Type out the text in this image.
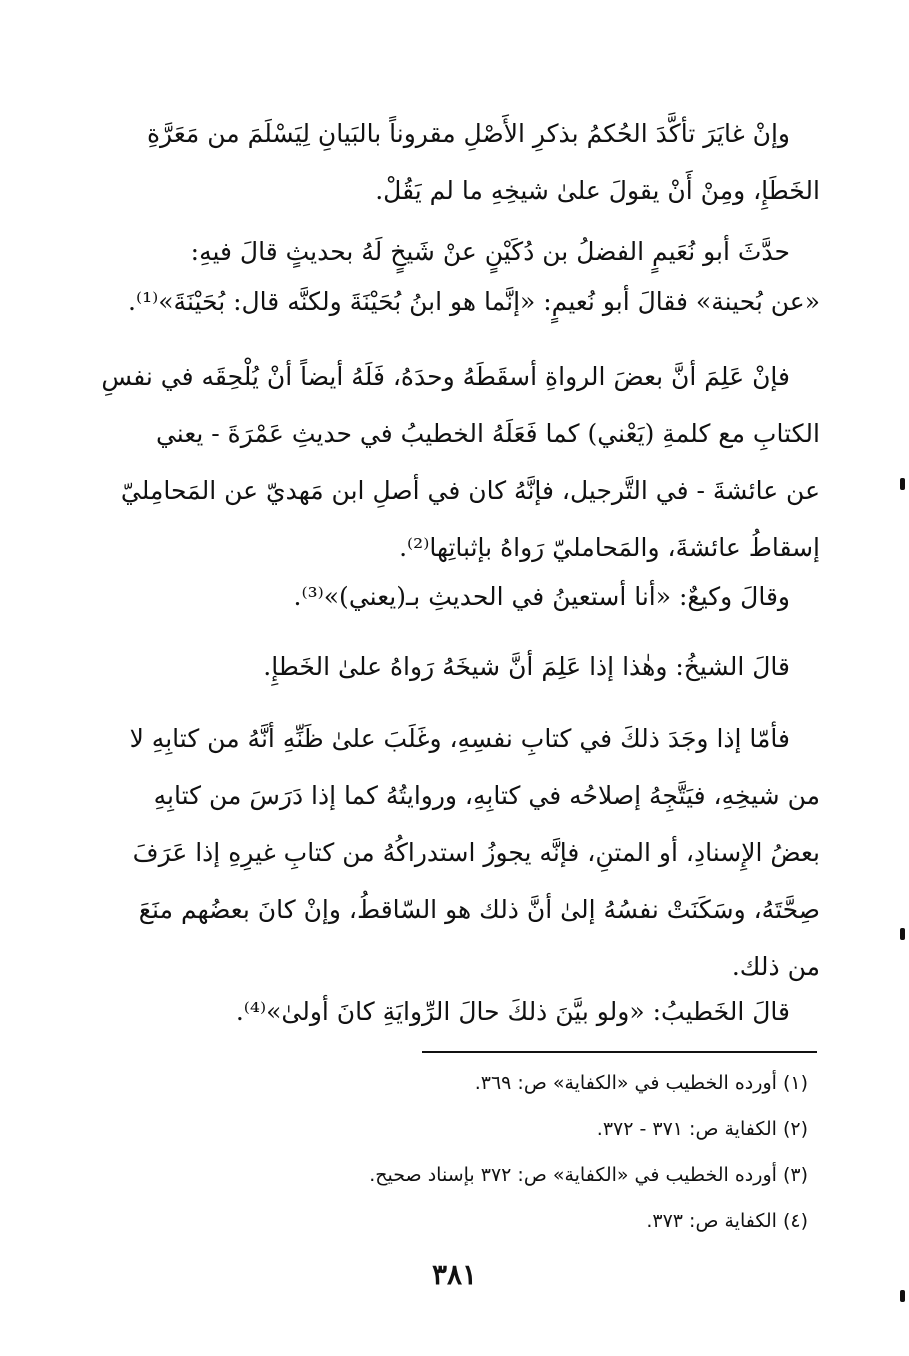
وإنْ غايَرَ تأكَّدَ الحُكمُ بذكرِ الأَصْلِ مقروناً بالبَيانِ لِيَسْلَمَ من مَعَرَّةِ
الخَطَإِ، ومِنْ أَنْ يقولَ علىٰ شيخِهِ ما لم يَقُلْ.
حدَّثَ أبو نُعَيمٍ الفضلُ بن دُكَيْنٍ عنْ شَيخٍ لَهُ بحديثٍ قالَ فيهِ:
«عن بُحينة» فقالَ أبو نُعيمٍ: «إنَّما هو ابنُ بُحَيْنَةَ ولكنَّه قال: بُحَيْنَةَ»⁽¹⁾.
فإنْ عَلِمَ أنَّ بعضَ الرواةِ أسقَطَهُ وحدَهُ، فَلَهُ أيضاً أنْ يُلْحِقَه في نفسِ
الكتابِ مع كلمةِ (يَعْني) كما فَعَلَهُ الخطيبُ في حديثِ عَمْرَةَ - يعني
عن عائشةَ - في التَّرجيل، فإنَّهُ كان في أصلِ ابن مَهديّ عن المَحامِليّ
إسقاطُ عائشةَ، والمَحامليّ رَواهُ بإثباتِها⁽²⁾.
وقالَ وكيعٌ: «أنا أستعينُ في الحديثِ بـ(يعني)»⁽³⁾.
قالَ الشيخُ: وهٰذا إذا عَلِمَ أنَّ شيخَهُ رَواهُ علىٰ الخَطإِ.
فأمّا إذا وجَدَ ذلكَ في كتابِ نفسِهِ، وغَلَبَ علىٰ ظَنِّهِ أنَّهُ من كتابِهِ لا
من شيخِهِ، فيَتَّجِهُ إصلاحُه في كتابِهِ، وروايتُهُ كما إذا دَرَسَ من كتابِهِ
بعضُ الإِسنادِ، أو المتنِ، فإنَّه يجوزُ استدراكُهُ من كتابِ غيرِهِ إذا عَرَفَ
صِحَّتَهُ، وسَكَنَتْ نفسُهُ إلىٰ أنَّ ذلك هو السّاقطُ، وإنْ كانَ بعضُهم منَعَ
من ذلك.
قالَ الخَطيبُ: «ولو بيَّنَ ذلكَ حالَ الرِّوايَةِ كانَ أولىٰ»⁽⁴⁾.
(١) أورده الخطيب في «الكفاية» ص: ٣٦٩.
(٢) الكفاية ص: ٣٧١ - ٣٧٢.
(٣) أورده الخطيب في «الكفاية» ص: ٣٧٢ بإسناد صحيح.
(٤) الكفاية ص: ٣٧٣.
٣٨١
